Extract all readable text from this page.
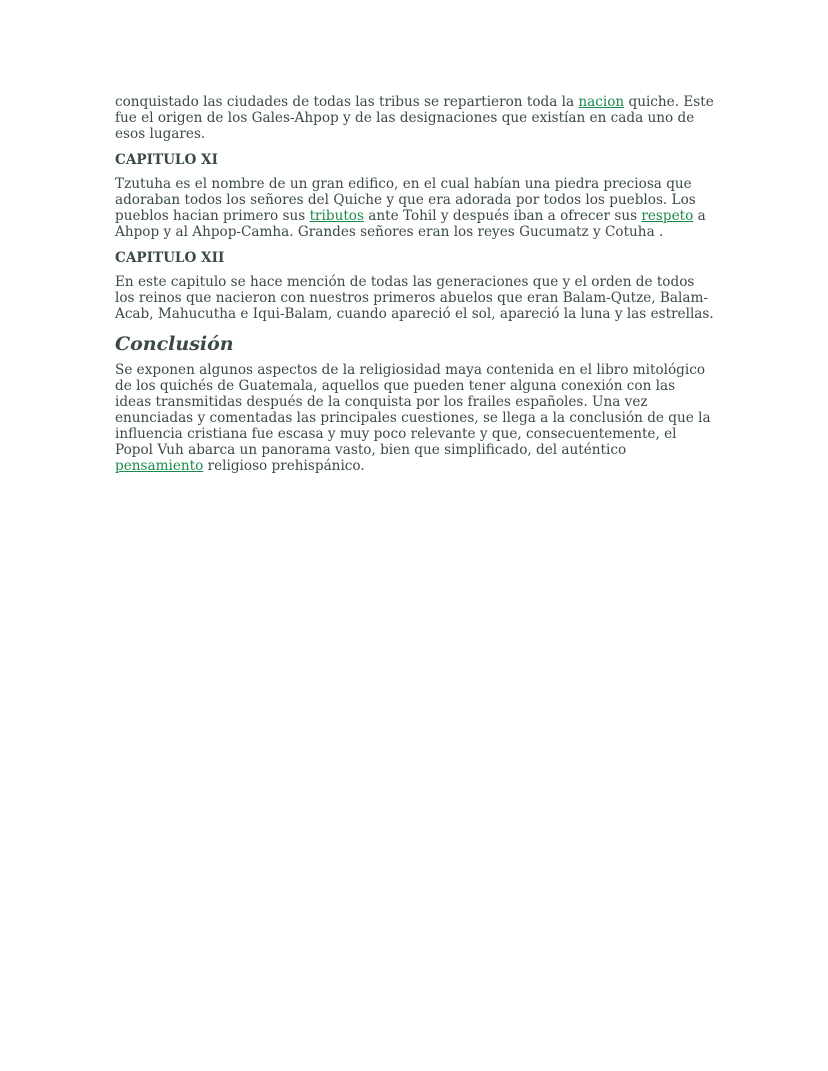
conquistado las ciudades de todas las tribus se repartieron toda la nacion quiche. Este fue el origen de los Gales-Ahpop y de las designaciones que existían en cada uno de esos lugares.

CAPITULO XI

Tzutuha es el nombre de un gran edifico, en el cual habían una piedra preciosa que adoraban todos los señores del Quiche y que era adorada por todos los pueblos. Los pueblos hacian primero sus tributos ante Tohil y después iban a ofrecer sus respeto a Ahpop y al Ahpop-Camha. Grandes señores eran los reyes Gucumatz y Cotuha .

CAPITULO XII

En este capitulo se hace mención de todas las generaciones que y el orden de todos los reinos que nacieron con nuestros primeros abuelos que eran Balam-Qutze, Balam-Acab, Mahucutha e Iqui-Balam, cuando apareció el sol, apareció la luna y las estrellas.

Conclusión

Se exponen algunos aspectos de la religiosidad maya contenida en el libro mitológico de los quichés de Guatemala, aquellos que pueden tener alguna conexión con las ideas transmitidas después de la conquista por los frailes españoles. Una vez enunciadas y comentadas las principales cuestiones, se llega a la conclusión de que la influencia cristiana fue escasa y muy poco relevante y que, consecuentemente, el Popol Vuh abarca un panorama vasto, bien que simplificado, del auténtico pensamiento religioso prehispánico.
